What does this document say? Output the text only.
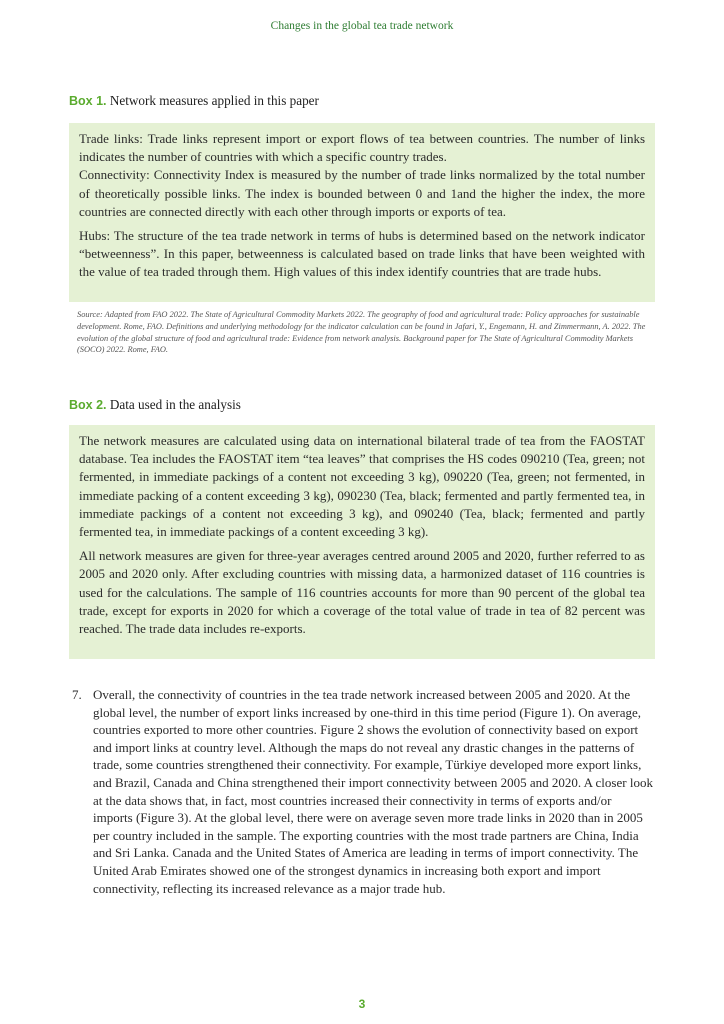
Changes in the global tea trade network
Box 1. Network measures applied in this paper

Trade links: Trade links represent import or export flows of tea between countries. The number of links indicates the number of countries with which a specific country trades.

Connectivity: Connectivity Index is measured by the number of trade links normalized by the total number of theoretically possible links. The index is bounded between 0 and 1and the higher the index, the more countries are connected directly with each other through imports or exports of tea.

Hubs: The structure of the tea trade network in terms of hubs is determined based on the network indicator “betweenness”. In this paper, betweenness is calculated based on trade links that have been weighted with the value of tea traded through them. High values of this index identify countries that are trade hubs.

Source: Adapted from FAO 2022. The State of Agricultural Commodity Markets 2022. The geography of food and agricultural trade: Policy approaches for sustainable development. Rome, FAO. Definitions and underlying methodology for the indicator calculation can be found in Jafari, Y., Engemann, H. and Zimmermann, A. 2022. The evolution of the global structure of food and agricultural trade: Evidence from network analysis. Background paper for The State of Agricultural Commodity Markets (SOCO) 2022. Rome, FAO.
Box 2. Data used in the analysis

The network measures are calculated using data on international bilateral trade of tea from the FAOSTAT database. Tea includes the FAOSTAT item “tea leaves” that comprises the HS codes 090210 (Tea, green; not fermented, in immediate packings of a content not exceeding 3 kg), 090220 (Tea, green; not fermented, in immediate packing of a content exceeding 3 kg), 090230 (Tea, black; fermented and partly fermented tea, in immediate packings of a content not exceeding 3 kg), and 090240 (Tea, black; fermented and partly fermented tea, in immediate packings of a content exceeding 3 kg).

All network measures are given for three-year averages centred around 2005 and 2020, further referred to as 2005 and 2020 only. After excluding countries with missing data, a harmonized dataset of 116 countries is used for the calculations. The sample of 116 countries accounts for more than 90 percent of the global tea trade, except for exports in 2020 for which a coverage of the total value of trade in tea of 82 percent was reached. The trade data includes re-exports.

7. Overall, the connectivity of countries in the tea trade network increased between 2005 and 2020. At the global level, the number of export links increased by one-third in this time period (Figure 1). On average, countries exported to more other countries. Figure 2 shows the evolution of connectivity based on export and import links at country level. Although the maps do not reveal any drastic changes in the patterns of trade, some countries strengthened their connectivity. For example, Türkiye developed more export links, and Brazil, Canada and China strengthened their import connectivity between 2005 and 2020. A closer look at the data shows that, in fact, most countries increased their connectivity in terms of exports and/or imports (Figure 3). At the global level, there were on average seven more trade links in 2020 than in 2005 per country included in the sample. The exporting countries with the most trade partners are China, India and Sri Lanka. Canada and the United States of America are leading in terms of import connectivity. The United Arab Emirates showed one of the strongest dynamics in increasing both export and import connectivity, reflecting its increased relevance as a major trade hub.
3
